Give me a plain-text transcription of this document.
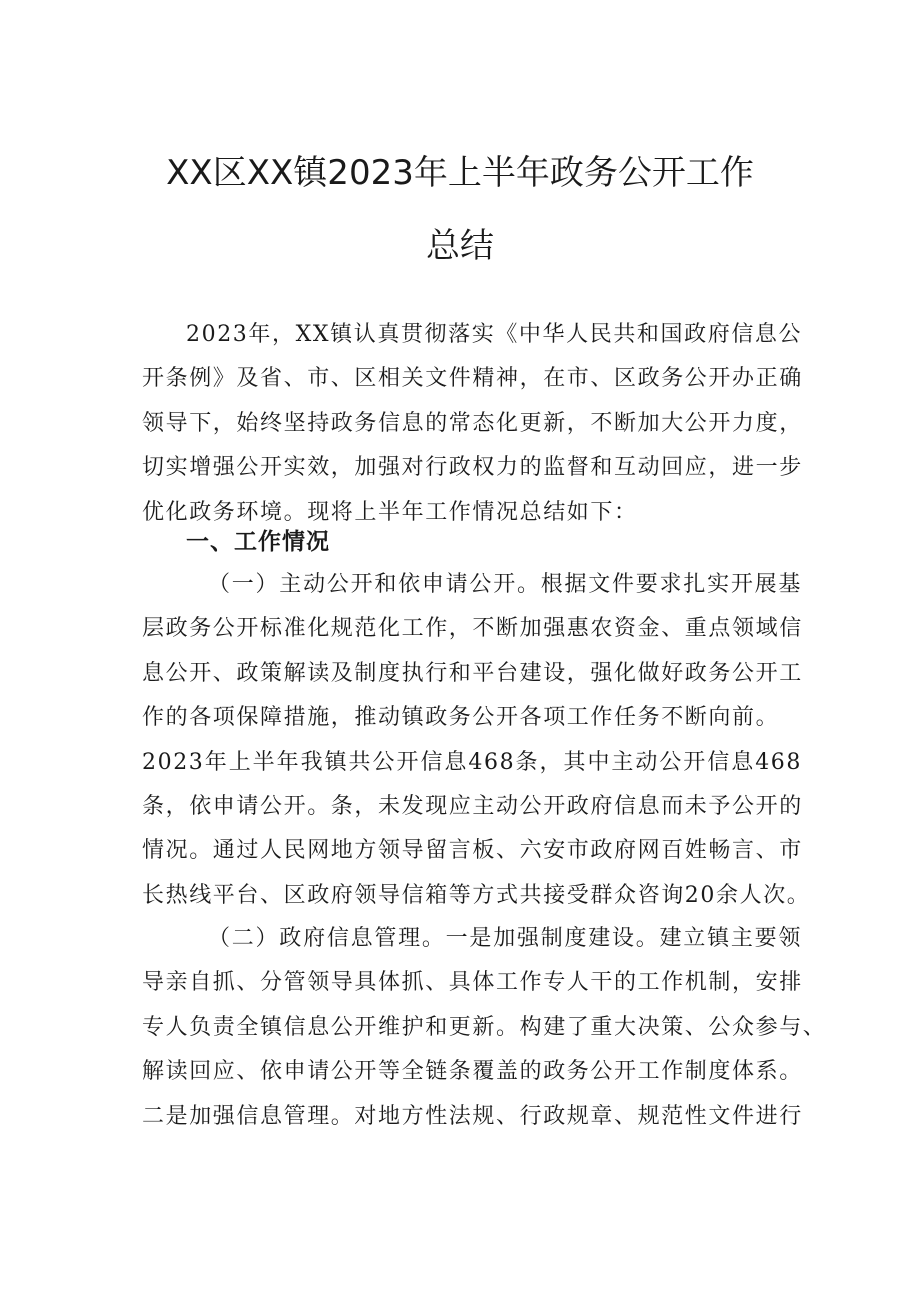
XX区XX镇2023年上半年政务公开工作
总结
2023年，XX镇认真贯彻落实《中华人民共和国政府信息公
开条例》及省、市、区相关文件精神，在市、区政务公开办正确
领导下，始终坚持政务信息的常态化更新，不断加大公开力度，
切实增强公开实效，加强对行政权力的监督和互动回应，进一步
优化政务环境。现将上半年工作情况总结如下：
一、工作情况
（一）主动公开和依申请公开。根据文件要求扎实开展基
层政务公开标准化规范化工作，不断加强惠农资金、重点领域信
息公开、政策解读及制度执行和平台建设，强化做好政务公开工
作的各项保障措施，推动镇政务公开各项工作任务不断向前。
2023年上半年我镇共公开信息468条，其中主动公开信息468
条，依申请公开。条，未发现应主动公开政府信息而未予公开的
情况。通过人民网地方领导留言板、六安市政府网百姓畅言、市
长热线平台、区政府领导信箱等方式共接受群众咨询20余人次。
（二）政府信息管理。一是加强制度建设。建立镇主要领
导亲自抓、分管领导具体抓、具体工作专人干的工作机制，安排
专人负责全镇信息公开维护和更新。构建了重大决策、公众参与、
解读回应、依申请公开等全链条覆盖的政务公开工作制度体系。
二是加强信息管理。对地方性法规、行政规章、规范性文件进行
